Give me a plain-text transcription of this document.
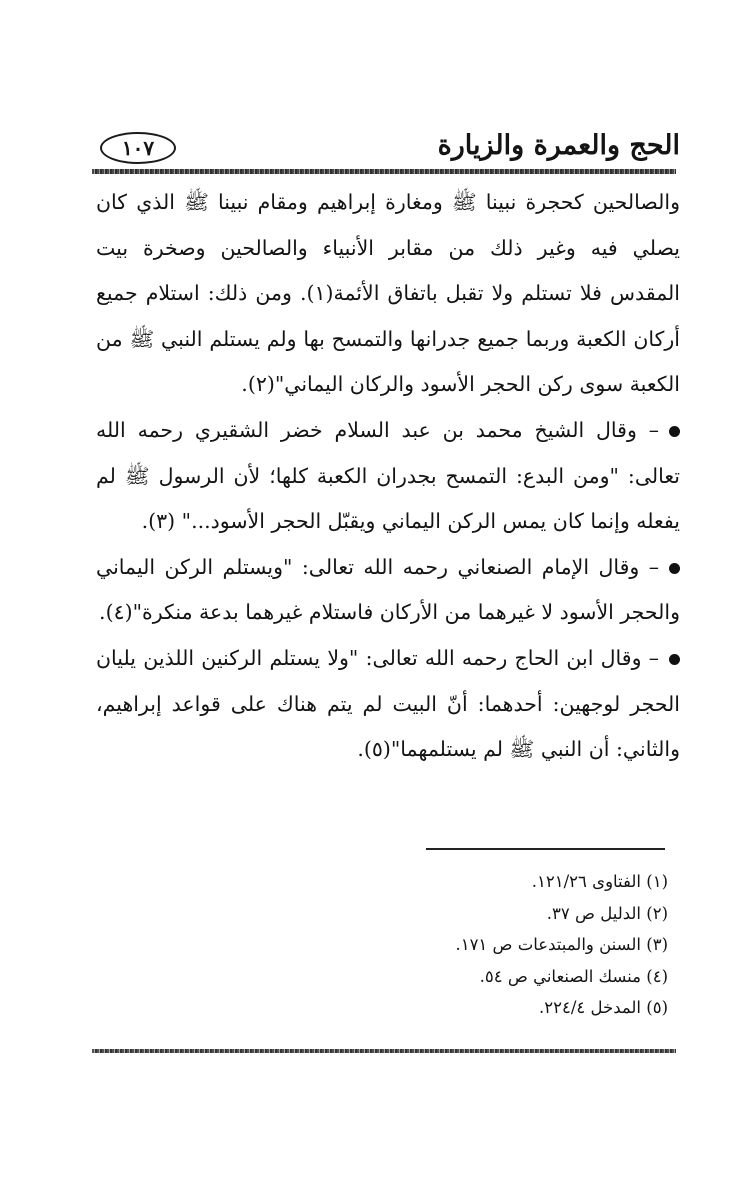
١٠٧	الحج والعمرة والزيارة

والصالحين كحجرة نبينا ﷺ ومغارة إبراهيم ومقام نبينا ﷺ الذي كان يصلي فيه وغير ذلك من مقابر الأنبياء والصالحين وصخرة بيت المقدس فلا تستلم ولا تقبل باتفاق الأئمة(١). ومن ذلك: استلام جميع أركان الكعبة وربما جميع جدرانها والتمسح بها ولم يستلم النبي ﷺ من الكعبة سوى ركن الحجر الأسود والركان اليماني"(٢).

– وقال الشيخ محمد بن عبد السلام خضر الشقيري رحمه الله تعالى: "ومن البدع: التمسح بجدران الكعبة كلها؛ لأن الرسول ﷺ لم يفعله وإنما كان يمس الركن اليماني ويقبّل الحجر الأسود..." (٣).

– وقال الإمام الصنعاني رحمه الله تعالى: "ويستلم الركن اليماني والحجر الأسود لا غيرهما من الأركان فاستلام غيرهما بدعة منكرة"(٤).

– وقال ابن الحاج رحمه الله تعالى: "ولا يستلم الركنين اللذين يليان الحجر لوجهين: أحدهما: أنّ البيت لم يتم هناك على قواعد إبراهيم، والثاني: أن النبي ﷺ لم يستلمهما"(٥).

(١) الفتاوى ١٢١/٢٦.
(٢) الدليل ص ٣٧.
(٣) السنن والمبتدعات ص ١٧١.
(٤) منسك الصنعاني ص ٥٤.
(٥) المدخل ٢٢٤/٤.
